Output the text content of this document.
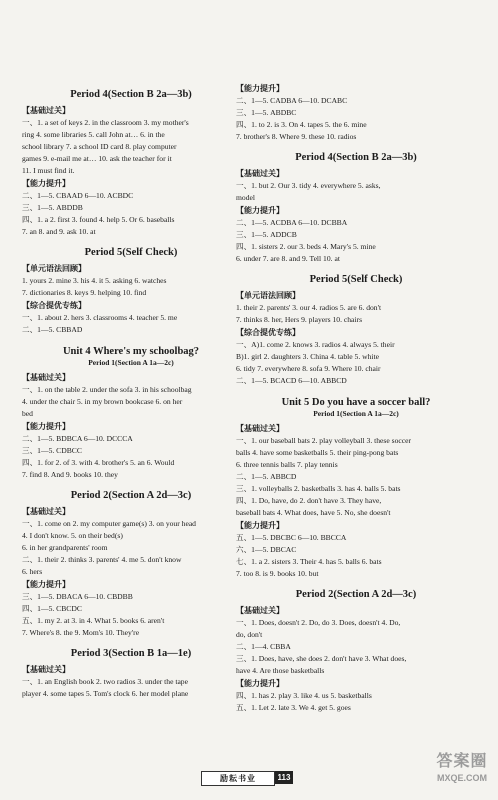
Period 4(Section B 2a—3b)
【基础过关】
一、1. a set of keys 2. in the classroom 3. my mother's
ring 4. some libraries 5. call John at… 6. in the
school library 7. a school ID card 8. play computer
games 9. e-mail me at… 10. ask the teacher for it
11. I must find it.
【能力提升】
二、1—5. CBAAD 6—10. ACBDC
三、1—5. ABDDB
四、1. a 2. first 3. found 4. help 5. Or 6. baseballs
7. an 8. and 9. ask 10. at
Period 5(Self Check)
【单元语法回顾】
1. yours 2. mine 3. his 4. it 5. asking 6. watches
7. dictionaries 8. keys 9. helping 10. find
【综合提优专练】
一、1. about 2. hers 3. classrooms 4. teacher 5. me
二、1—5. CBBAD
Unit 4 Where's my schoolbag?
Period 1(Section A 1a—2c)
【基础过关】
一、1. on the table 2. under the sofa 3. in his schoolbag
4. under the chair 5. in my brown bookcase 6. on her
bed
【能力提升】
二、1—5. BDBCA 6—10. DCCCA
三、1—5. CDBCC
四、1. for 2. of 3. with 4. brother's 5. an 6. Would
7. find 8. And 9. books 10. they
Period 2(Section A 2d—3c)
【基础过关】
一、1. come on 2. my computer game(s) 3. on your head
4. I don't know. 5. on their bed(s)
6. in her grandparents' room
二、1. their 2. thinks 3. parents' 4. me 5. don't know
6. hers
【能力提升】
三、1—5. DBACA 6—10. CBDBB
四、1—5. CBCDC
五、1. my 2. at 3. in 4. What 5. books 6. aren't
7. Where's 8. the 9. Mom's 10. They're
Period 3(Section B 1a—1e)
【基础过关】
一、1. an English book 2. two radios 3. under the tape
player 4. some tapes 5. Tom's clock 6. her model plane
【能力提升】
二、1—5. CADBA 6—10. DCABC
三、1—5. ABDBC
四、1. to 2. is 3. On 4. tapes 5. the 6. mine
7. brother's 8. Where 9. these 10. radios
Period 4(Section B 2a—3b)
【基础过关】
一、1. but 2. Our 3. tidy 4. everywhere 5. asks,
model
【能力提升】
二、1—5. ACDBA 6—10. DCBBA
三、1—5. ADDCB
四、1. sisters 2. our 3. beds 4. Mary's 5. mine
6. under 7. are 8. and 9. Tell 10. at
Period 5(Self Check)
【单元语法回顾】
1. their 2. parents' 3. our 4. radios 5. are 6. don't
7. thinks 8. her, Hers 9. players 10. chairs
【综合提优专练】
一、A)1. come 2. knows 3. radios 4. always 5. their
B)1. girl 2. daughters 3. China 4. table 5. white
6. tidy 7. everywhere 8. sofa 9. Where 10. chair
二、1—5. BCACD 6—10. ABBCD
Unit 5 Do you have a soccer ball?
Period 1(Section A 1a—2c)
【基础过关】
一、1. our baseball bats 2. play volleyball 3. these soccer
balls 4. have some basketballs 5. their ping-pong bats
6. three tennis balls 7. play tennis
二、1—5. ABBCD
三、1. volleyballs 2. basketballs 3. has 4. balls 5. bats
四、1. Do, have, do 2. don't have 3. They have,
baseball bats 4. What does, have 5. No, she doesn't
【能力提升】
五、1—5. DBCBC 6—10. BBCCA
六、1—5. DBCAC
七、1. a 2. sisters 3. Their 4. has 5. balls 6. bats
7. too 8. is 9. books 10. but
Period 2(Section A 2d—3c)
【基础过关】
一、1. Does, doesn't 2. Do, do 3. Does, doesn't 4. Do,
do, don't
二、1—4. CBBA
三、1. Does, have, she does 2. don't have 3. What does,
have 4. Are those basketballs
【能力提升】
四、1. has 2. play 3. like 4. us 5. basketballs
五、1. Let 2. late 3. We 4. get 5. goes
励耘书业	113
答案圈
MXQE.COM
